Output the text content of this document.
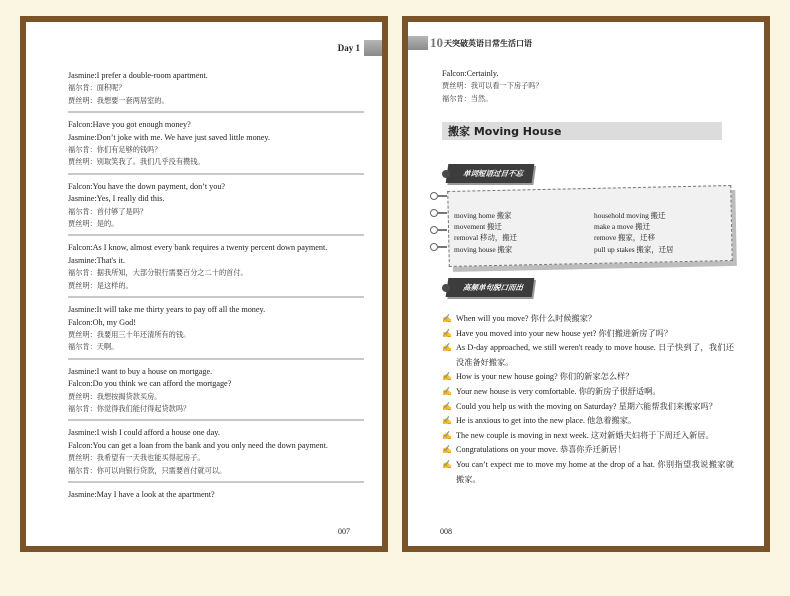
Day 1
Jasmine: I prefer a double-room apartment.
福尔肯： 面积呢？
贾丝明： 我想要一套两居室的。
Falcon: Have you got enough money?
Jasmine: Don’t joke with me. We have just saved little money.
福尔肯： 你们有足够的钱吗？
贾丝明： 别取笑我了。我们几乎没有攒钱。
Falcon: You have the down payment, don’t you?
Jasmine: Yes, I really did this.
福尔肯： 首付够了是吗？
贾丝明： 是的。
Falcon: As I know, almost every bank requires a twenty percent down payment.
Jasmine: That's it.
福尔肯： 据我所知，大部分银行需要百分之二十的首付。
贾丝明： 是这样的。
Jasmine: It will take me thirty years to pay off all the money.
Falcon: Oh, my God!
贾丝明： 我要用三十年还清所有的钱。
福尔肯： 天啊。
Jasmine: I want to buy a house on mortgage.
Falcon: Do you think we can afford the mortgage?
贾丝明： 我想按揭贷款买房。
福尔肯： 你觉得我们能付得起贷款吗？
Jasmine: I wish I could afford a house one day.
Falcon: You can get a loan from the bank and you only need the down payment.
贾丝明： 我希望有一天我也能买得起房子。
福尔肯： 你可以向银行贷款，只需要首付就可以。
Jasmine: May I have a look at the apartment?
007
10 天突破英语日常生活口语
Falcon: Certainly.
贾丝明： 我可以看一下房子吗？
福尔肯： 当然。
搬家 Moving House
单词短语过目不忘
moving home 搬家	household moving 搬迁
movement 搬迁	make a move 搬迁
removal 移动，搬迁	remove 搬家，迁移
moving house 搬家	pull up stakes 搬家，迁居
高频单句脱口而出
✍ When will you move? 你什么时候搬家？
✍ Have you moved into your new house yet? 你们搬进新房了吗？
✍ As D-day approached, we still weren't ready to move house. 日子快到了，我们还没准备好搬家。
✍ How is your new house going? 你们的新家怎么样？
✍ Your new house is very comfortable. 你的新房子很舒适啊。
✍ Could you help us with the moving on Saturday? 星期六能帮我们来搬家吗？
✍ He is anxious to get into the new place. 他急着搬家。
✍ The new couple is moving in next week. 这对新婚夫妇将于下周迁入新居。
✍ Congratulations on your move. 恭喜你乔迁新居！
✍ You can’t expect me to move my home at the drop of a hat. 你别指望我说搬家就搬家。
008
